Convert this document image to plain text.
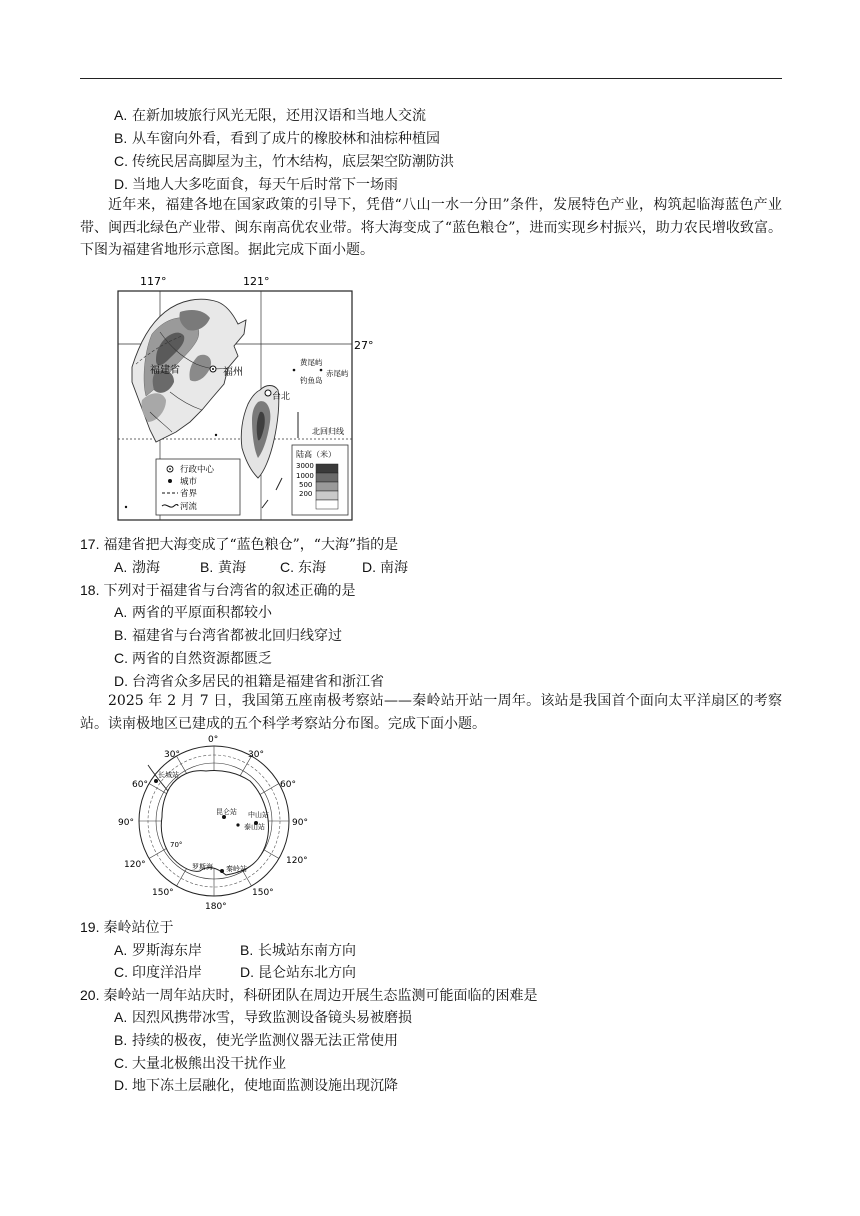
A. 在新加坡旅行风光无限，还用汉语和当地人交流
B. 从车窗向外看，看到了成片的橡胶林和油棕种植园
C. 传统民居高脚屋为主，竹木结构，底层架空防潮防洪
D. 当地人大多吃面食，每天午后时常下一场雨
近年来，福建各地在国家政策的引导下，凭借“八山一水一分田”条件，发展特色产业，构筑起临海蓝色产业带、闽西北绿色产业带、闽东南高优农业带。将大海变成了“蓝色粮仓”，进而实现乡村振兴，助力农民增收致富。下图为福建省地形示意图。据此完成下面小题。
117°	121°
27°
福建省	福州
台北
黄尾屿
钓鱼岛
赤尾屿
北回归线
行政中心
城市
省界
河流
陆高（米）
3000
1000
500
200
17. 福建省把大海变成了“蓝色粮仓”，“大海”指的是
A. 渤海	B. 黄海 C. 东海	D. 南海
18. 下列对于福建省与台湾省的叙述正确的是
A. 两省的平原面积都较小
B. 福建省与台湾省都被北回归线穿过
C. 两省的自然资源都匮乏
D. 台湾省众多居民的祖籍是福建省和浙江省
2025 年 2 月 7 日，我国第五座南极考察站——秦岭站开站一周年。该站是我国首个面向太平洋扇区的考察站。读南极地区已建成的五个科学考察站分布图。完成下面小题。
长城站
昆仑站 中山站
泰山站
秦岭站
罗斯海
70°
0°
30°	30°
60°	60°
90°	90°
120°	120°
150°	150°
180°
19. 秦岭站位于
A. 罗斯海东岸	B. 长城站东南方向
C. 印度洋沿岸	D. 昆仑站东北方向
20. 秦岭站一周年站庆时，科研团队在周边开展生态监测可能面临的困难是
A. 因烈风携带冰雪，导致监测设备镜头易被磨损
B. 持续的极夜，使光学监测仪器无法正常使用
C. 大量北极熊出没干扰作业
D. 地下冻土层融化，使地面监测设施出现沉降
